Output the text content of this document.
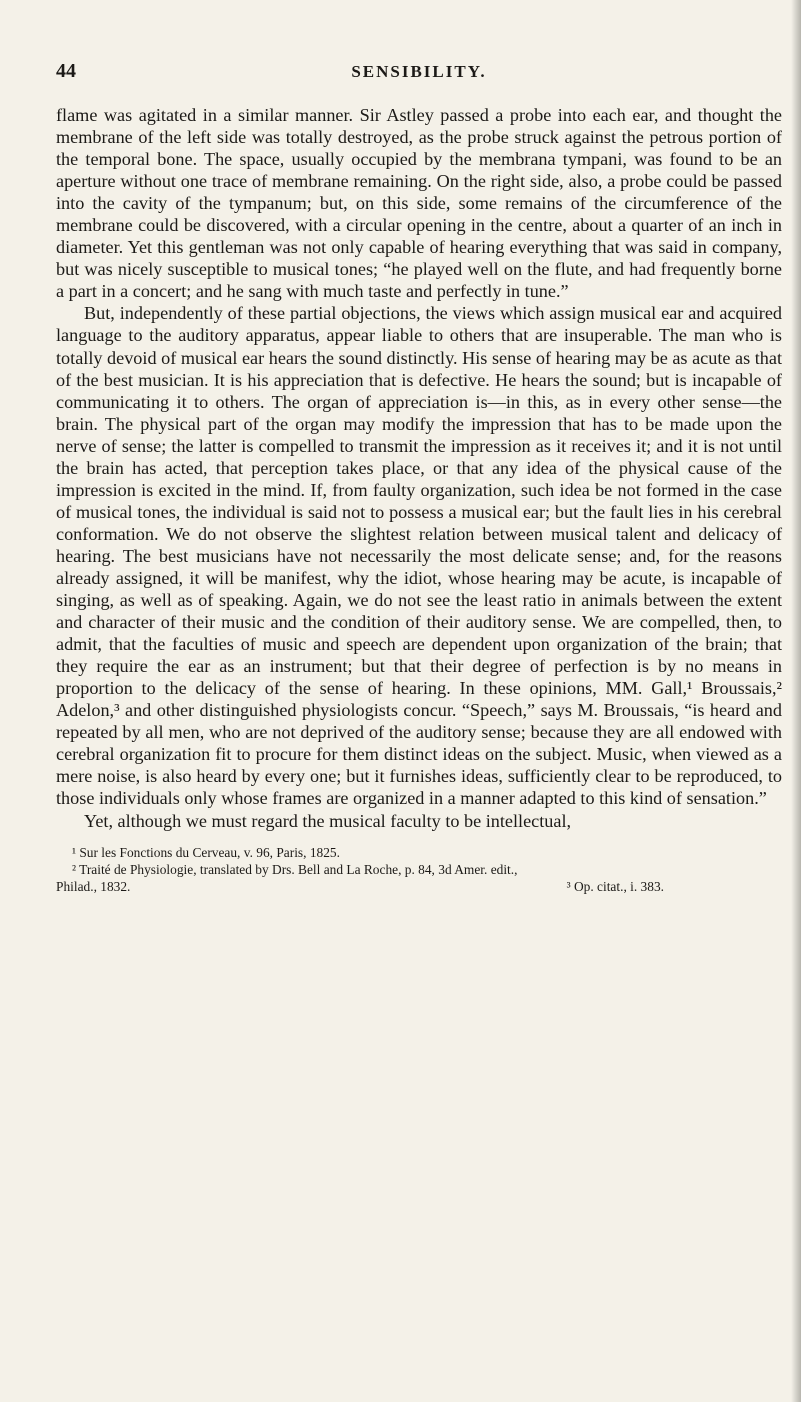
44	SENSIBILITY.

flame was agitated in a similar manner. Sir Astley passed a probe into each ear, and thought the membrane of the left side was totally destroyed, as the probe struck against the petrous portion of the temporal bone. The space, usually occupied by the membrana tympani, was found to be an aperture without one trace of membrane remaining. On the right side, also, a probe could be passed into the cavity of the tympanum; but, on this side, some remains of the circumference of the membrane could be discovered, with a circular opening in the centre, about a quarter of an inch in diameter. Yet this gentleman was not only capable of hearing everything that was said in company, but was nicely susceptible to musical tones; “he played well on the flute, and had frequently borne a part in a concert; and he sang with much taste and perfectly in tune.”

But, independently of these partial objections, the views which assign musical ear and acquired language to the auditory apparatus, appear liable to others that are insuperable. The man who is totally devoid of musical ear hears the sound distinctly. His sense of hearing may be as acute as that of the best musician. It is his appreciation that is defective. He hears the sound; but is incapable of communicating it to others. The organ of appreciation is—in this, as in every other sense—the brain. The physical part of the organ may modify the impression that has to be made upon the nerve of sense; the latter is compelled to transmit the impression as it receives it; and it is not until the brain has acted, that perception takes place, or that any idea of the physical cause of the impression is excited in the mind. If, from faulty organization, such idea be not formed in the case of musical tones, the individual is said not to possess a musical ear; but the fault lies in his cerebral conformation. We do not observe the slightest relation between musical talent and delicacy of hearing. The best musicians have not necessarily the most delicate sense; and, for the reasons already assigned, it will be manifest, why the idiot, whose hearing may be acute, is incapable of singing, as well as of speaking. Again, we do not see the least ratio in animals between the extent and character of their music and the condition of their auditory sense. We are compelled, then, to admit, that the faculties of music and speech are dependent upon organization of the brain; that they require the ear as an instrument; but that their degree of perfection is by no means in proportion to the delicacy of the sense of hearing. In these opinions, MM. Gall,¹ Broussais,² Adelon,³ and other distinguished physiologists concur. “Speech,” says M. Broussais, “is heard and repeated by all men, who are not deprived of the auditory sense; because they are all endowed with cerebral organization fit to procure for them distinct ideas on the subject. Music, when viewed as a mere noise, is also heard by every one; but it furnishes ideas, sufficiently clear to be reproduced, to those individuals only whose frames are organized in a manner adapted to this kind of sensation.”

Yet, although we must regard the musical faculty to be intellectual,

¹ Sur les Fonctions du Cerveau, v. 96, Paris, 1825.

² Traité de Physiologie, translated by Drs. Bell and La Roche, p. 84, 3d Amer. edit.,

Philad., 1832.	³ Op. citat., i. 383.
